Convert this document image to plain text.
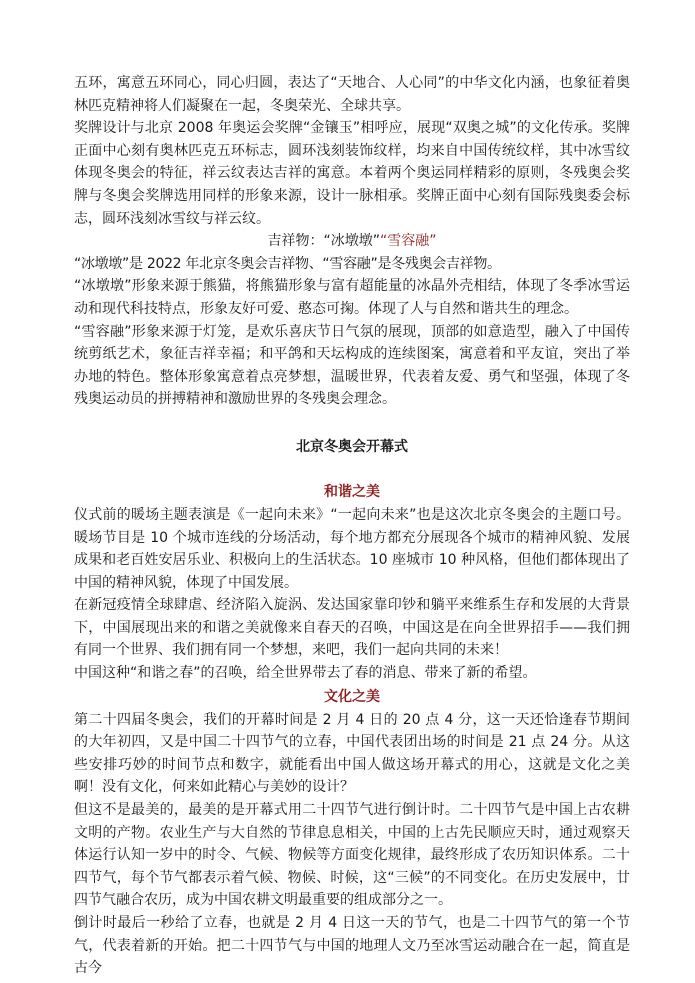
五环，寓意五环同心，同心归圆，表达了“天地合、人心同”的中华文化内涵，也象征着奥林匹克精神将人们凝聚在一起，冬奥荣光、全球共享。

奖牌设计与北京 2008 年奥运会奖牌“金镶玉”相呼应，展现“双奥之城”的文化传承。奖牌正面中心刻有奥林匹克五环标志，圆环浅刻装饰纹样，均来自中国传统纹样，其中冰雪纹体现冬奥会的特征，祥云纹表达吉祥的寓意。本着两个奥运同样精彩的原则，冬残奥会奖牌与冬奥会奖牌选用同样的形象来源，设计一脉相承。奖牌正面中心刻有国际残奥委会标志，圆环浅刻冰雪纹与祥云纹。

吉祥物：“冰墩墩”“雪容融”

“冰墩墩”是 2022 年北京冬奥会吉祥物、“雪容融”是冬残奥会吉祥物。

“冰墩墩”形象来源于熊猫，将熊猫形象与富有超能量的冰晶外壳相结，体现了冬季冰雪运动和现代科技特点，形象友好可爱、憨态可掬。体现了人与自然和谐共生的理念。

“雪容融”形象来源于灯笼，是欢乐喜庆节日气氛的展现，顶部的如意造型，融入了中国传统剪纸艺术，象征吉祥幸福；和平鸽和天坛构成的连续图案，寓意着和平友谊，突出了举办地的特色。整体形象寓意着点亮梦想，温暖世界，代表着友爱、勇气和坚强，体现了冬残奥运动员的拼搏精神和激励世界的冬残奥会理念。

北京冬奥会开幕式
和谐之美

仪式前的暖场主题表演是《一起向未来》“一起向未来”也是这次北京冬奥会的主题口号。暖场节目是 10 个城市连线的分场活动，每个地方都充分展现各个城市的精神风貌、发展成果和老百姓安居乐业、积极向上的生活状态。10 座城市 10 种风格，但他们都体现出了中国的精神风貌，体现了中国发展。

在新冠疫情全球肆虐、经济陷入旋涡、发达国家靠印钞和躺平来维系生存和发展的大背景下，中国展现出来的和谐之美就像来自春天的召唤，中国这是在向全世界招手——我们拥有同一个世界、我们拥有同一个梦想，来吧，我们一起向共同的未来！

中国这种“和谐之春”的召唤，给全世界带去了春的消息、带来了新的希望。

文化之美

第二十四届冬奥会，我们的开幕时间是 2 月 4 日的 20 点 4 分，这一天还恰逢春节期间的大年初四，又是中国二十四节气的立春，中国代表团出场的时间是 21 点 24 分。从这些安排巧妙的时间节点和数字，就能看出中国人做这场开幕式的用心，这就是文化之美啊！没有文化，何来如此精心与美妙的设计？

但这不是最美的，最美的是开幕式用二十四节气进行倒计时。二十四节气是中国上古农耕文明的产物。农业生产与大自然的节律息息相关，中国的上古先民顺应天时，通过观察天体运行认知一岁中的时令、气候、物候等方面变化规律，最终形成了农历知识体系。二十四节气，每个节气都表示着气候、物候、时候，这“三候”的不同变化。在历史发展中，廿四节气融合农历，成为中国农耕文明最重要的组成部分之一。

倒计时最后一秒给了立春，也就是 2 月 4 日这一天的节气，也是二十四节气的第一个节气，代表着新的开始。把二十四节气与中国的地理人文乃至冰雪运动融合在一起，简直是古今
